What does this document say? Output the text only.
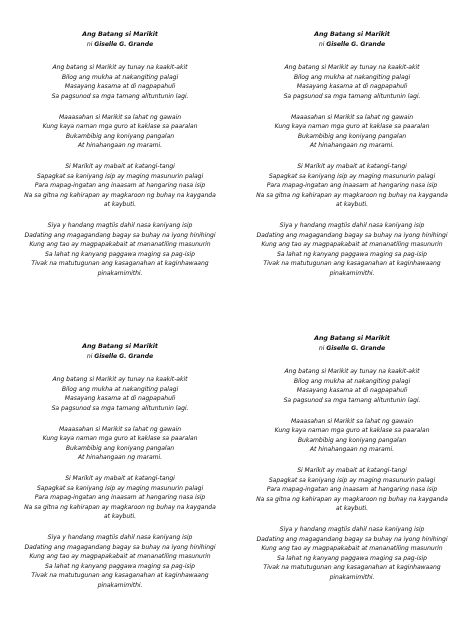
Ang Batang si Marikit
ni Giselle G. Grande
Ang batang si Marikit ay tunay na kaakit-akit
Bilog ang mukha at nakangiting palagi
Masayang kasama at di nagpapahuli
Sa pagsunod sa mga tamang alituntunin lagi.
Maaasahan si Marikit sa lahat ng gawain
Kung kaya naman mga guro at kaklase sa paaralan
Bukambibig ang koniyang pangalan
At hinahangaan ng marami.
Si Marikit ay mabait at katangi-tangi
Sapagkat sa kaniyang isip ay maging masunurin palagi
Para mapag-ingatan ang inaasam at hangaring nasa isip
Na sa gitna ng kahirapan ay magkaroon ng buhay na kayganda
at kaybuti.
Siya y handang magtiis dahil nasa kaniyang isip
Dadating ang magagandang bagay sa buhay na iyong hinihingi
Kung ang tao ay magpapakabait at mananatiling masunurin
Sa lahat ng kanyang paggawa maging sa pag-isip
Tivak na matutugunan ang kasaganahan at kaginhawaang
pinakamimithi.
Ang Batang si Marikit
ni Giselle G. Grande
Ang batang si Marikit ay tunay na kaakit-akit
Bilog ang mukha at nakangiting palagi
Masayang kasama at di nagpapahuli
Sa pagsunod sa mga tamang alituntunin lagi.
Maaasahan si Marikit sa lahat ng gawain
Kung kaya naman mga guro at kaklase sa paaralan
Bukambibig ang koniyang pangalan
At hinahangaan ng marami.
Si Marikit ay mabait at katangi-tangi
Sapagkat sa kaniyang isip ay maging masunurin palagi
Para mapag-ingatan ang inaasam at hangaring nasa isip
Na sa gitna ng kahirapan ay magkaroon ng buhay na kayganda
at kaybuti.
Siya y handang magtiis dahil nasa kaniyang isip
Dadating ang magagandang bagay sa buhay na iyong hinihingi
Kung ang tao ay magpapakabait at mananatiling masunurin
Sa lahat ng kanyang paggawa maging sa pag-isip
Tivak na matutugunan ang kasaganahan at kaginhawaang
pinakamimithi.
Ang Batang si Marikit
ni Giselle G. Grande
Ang batang si Marikit ay tunay na kaakit-akit
Bilog ang mukha at nakangiting palagi
Masayang kasama at di nagpapahuli
Sa pagsunod sa mga tamang alituntunin lagi.
Maaasahan si Marikit sa lahat ng gawain
Kung kaya naman mga guro at kaklase sa paaralan
Bukambibig ang koniyang pangalan
At hinahangaan ng marami.
Si Marikit ay mabait at katangi-tangi
Sapagkat sa kaniyang isip ay maging masunurin palagi
Para mapag-ingatan ang inaasam at hangaring nasa isip
Na sa gitna ng kahirapan ay magkaroon ng buhay na kayganda
at kaybuti.
Siya y handang magtiis dahil nasa kaniyang isip
Dadating ang magagandang bagay sa buhay na iyong hinihingi
Kung ang tao ay magpapakabait at mananatiling masunurin
Sa lahat ng kanyang paggawa maging sa pag-isip
Tivak na matutugunan ang kasaganahan at kaginhawaang
pinakamimithi.
Ang Batang si Marikit
ni Giselle G. Grande
Ang batang si Marikit ay tunay na kaakit-akit
Bilog ang mukha at nakangiting palagi
Masayang kasama at di nagpapahuli
Sa pagsunod sa mga tamang alituntunin lagi.
Maaasahan si Marikit sa lahat ng gawain
Kung kaya naman mga guro at kaklase sa paaralan
Bukambibig ang koniyang pangalan
At hinahangaan ng marami.
Si Marikit ay mabait at katangi-tangi
Sapagkat sa kaniyang isip ay maging masunurin palagi
Para mapag-ingatan ang inaasam at hangaring nasa isip
Na sa gitna ng kahirapan ay magkaroon ng buhay na kayganda
at kaybuti.
Siya y handang magtiis dahil nasa kaniyang isip
Dadating ang magagandang bagay sa buhay na iyong hinihingi
Kung ang tao ay magpapakabait at mananatiling masunurin
Sa lahat ng kanyang paggawa maging sa pag-isip
Tivak na matutugunan ang kasaganahan at kaginhawaang
pinakamimithi.
